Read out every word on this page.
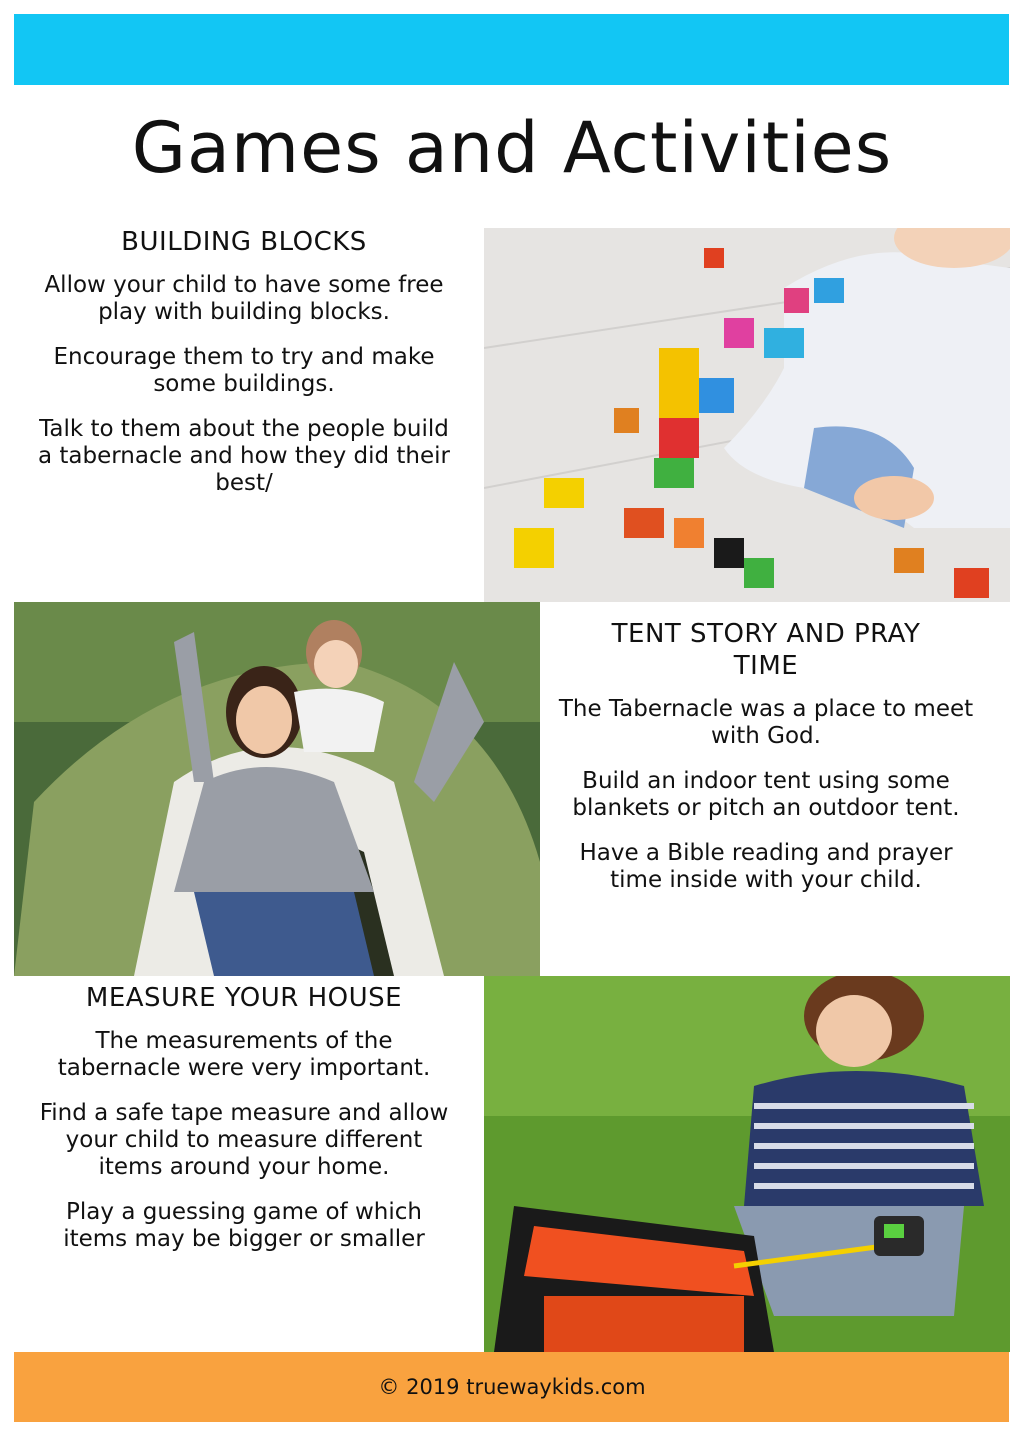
Games and Activities
BUILDING BLOCKS
Allow your child to have some free play with building blocks.
Encourage them to try and make some buildings.
Talk to them about the people build a tabernacle and how they did their best/
TENT STORY AND PRAY TIME
The Tabernacle was a place to meet with God.
Build an indoor tent using some blankets or pitch an outdoor tent.
Have a Bible reading and prayer time inside with your child.
MEASURE YOUR HOUSE
The measurements of the tabernacle were very important.
Find a safe tape measure and allow your child to measure different items around your home.
Play a guessing game of which items may be bigger or smaller
© 2019 truewaykids.com
